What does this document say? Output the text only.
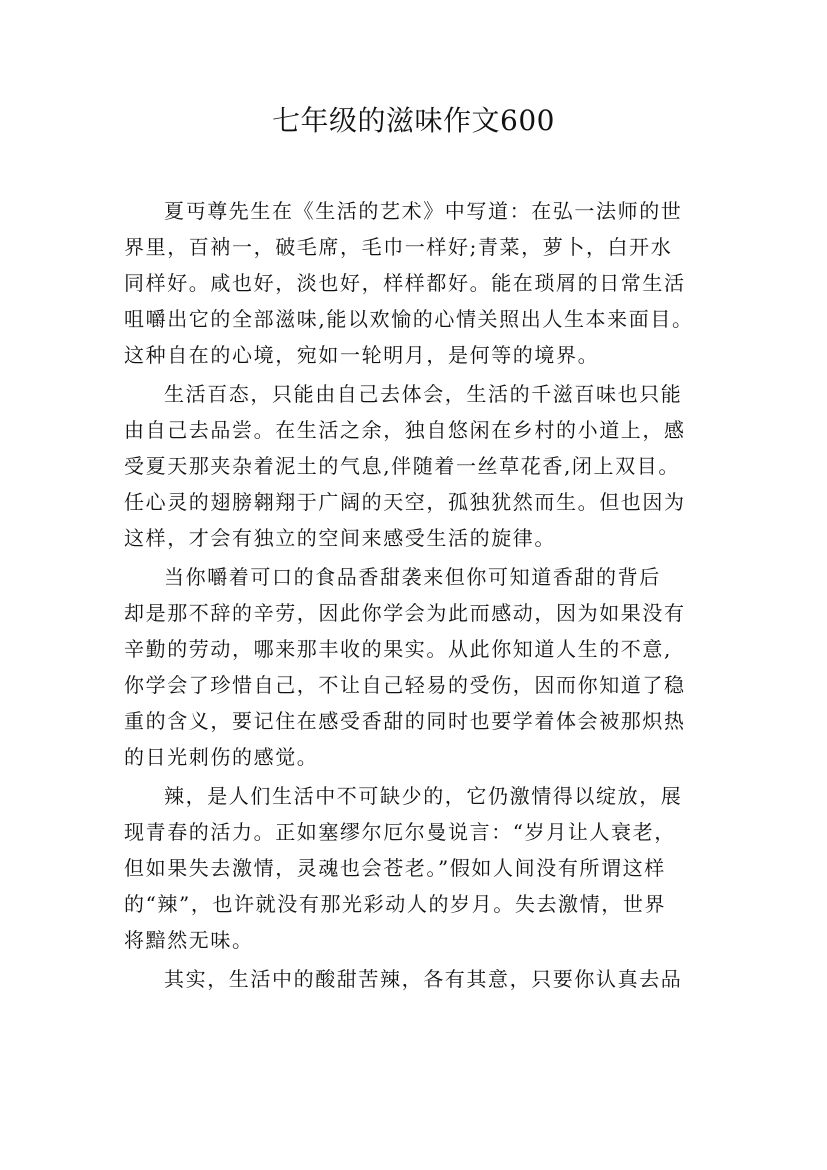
七年级的滋味作文600

夏丏尊先生在《生活的艺术》中写道：在弘一法师的世
界里，百衲一，破毛席，毛巾一样好;青菜，萝卜，白开水
同样好。咸也好，淡也好，样样都好。能在琐屑的日常生活
咀嚼出它的全部滋味,能以欢愉的心情关照出人生本来面目。
这种自在的心境，宛如一轮明月，是何等的境界。

生活百态，只能由自己去体会，生活的千滋百味也只能
由自己去品尝。在生活之余，独自悠闲在乡村的小道上，感
受夏天那夹杂着泥土的气息,伴随着一丝草花香,闭上双目。
任心灵的翅膀翱翔于广阔的天空，孤独犹然而生。但也因为
这样，才会有独立的空间来感受生活的旋律。

当你嚼着可口的食品香甜袭来但你可知道香甜的背后
却是那不辞的辛劳，因此你学会为此而感动，因为如果没有
辛勤的劳动，哪来那丰收的果实。从此你知道人生的不意,
你学会了珍惜自己，不让自己轻易的受伤，因而你知道了稳
重的含义，要记住在感受香甜的同时也要学着体会被那炽热
的日光刺伤的感觉。

辣，是人们生活中不可缺少的，它仍激情得以绽放，展
现青春的活力。正如塞缪尔厄尔曼说言：“岁月让人衰老，
但如果失去激情，灵魂也会苍老。”假如人间没有所谓这样
的“辣”，也许就没有那光彩动人的岁月。失去激情，世界
将黯然无味。

其实，生活中的酸甜苦辣，各有其意，只要你认真去品
